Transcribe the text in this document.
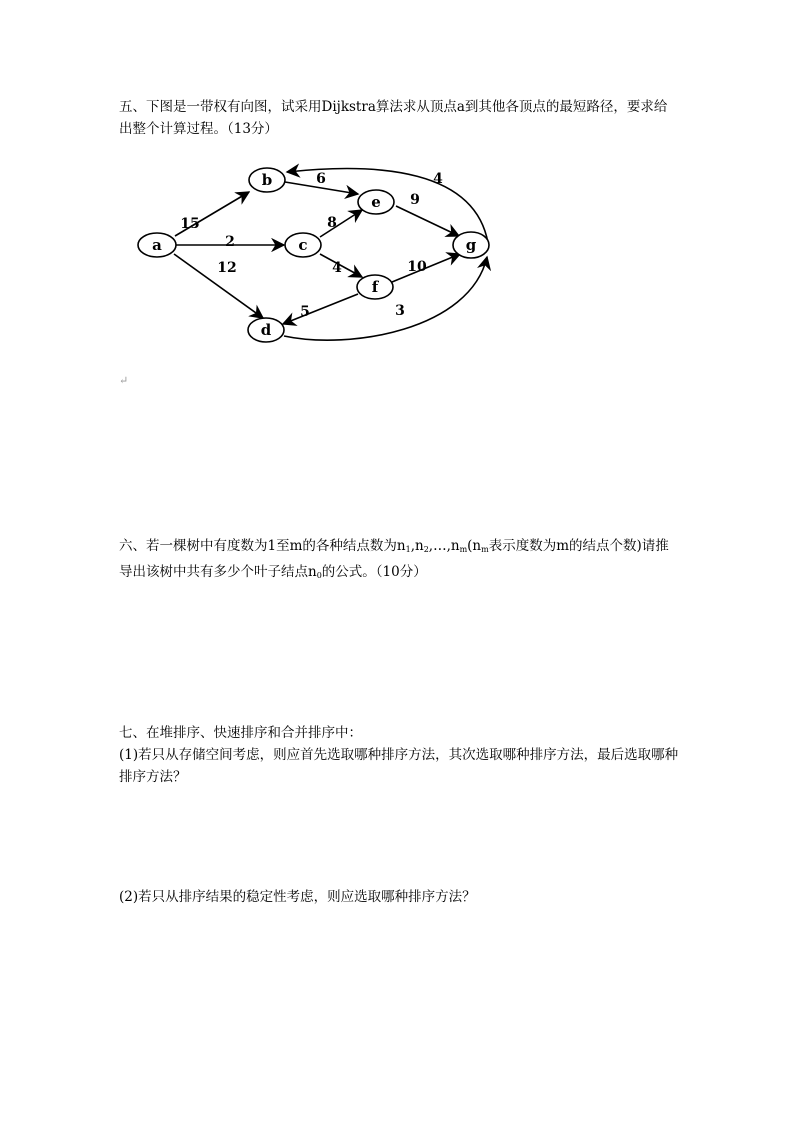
五、下图是一带权有向图，试采用Dijkstra算法求从顶点a到其他各顶点的最短路径，要求给出整个计算过程。（13分）

a
b
c
d
e
f
g
15
2
12
6
8
4
9
10
5
4
3
↵

六、若一棵树中有度数为1至m的各种结点数为$n_1,n_2,\dots,n_m(n_m$表示度数为m的结点个数)请推导出该树中共有多少个叶子结点$n_0$的公式。（10分）

七、在堆排序、快速排序和合并排序中：
(1)若只从存储空间考虑，则应首先选取哪种排序方法，其次选取哪种排序方法，最后选取哪种排序方法？
(2)若只从排序结果的稳定性考虑，则应选取哪种排序方法？
